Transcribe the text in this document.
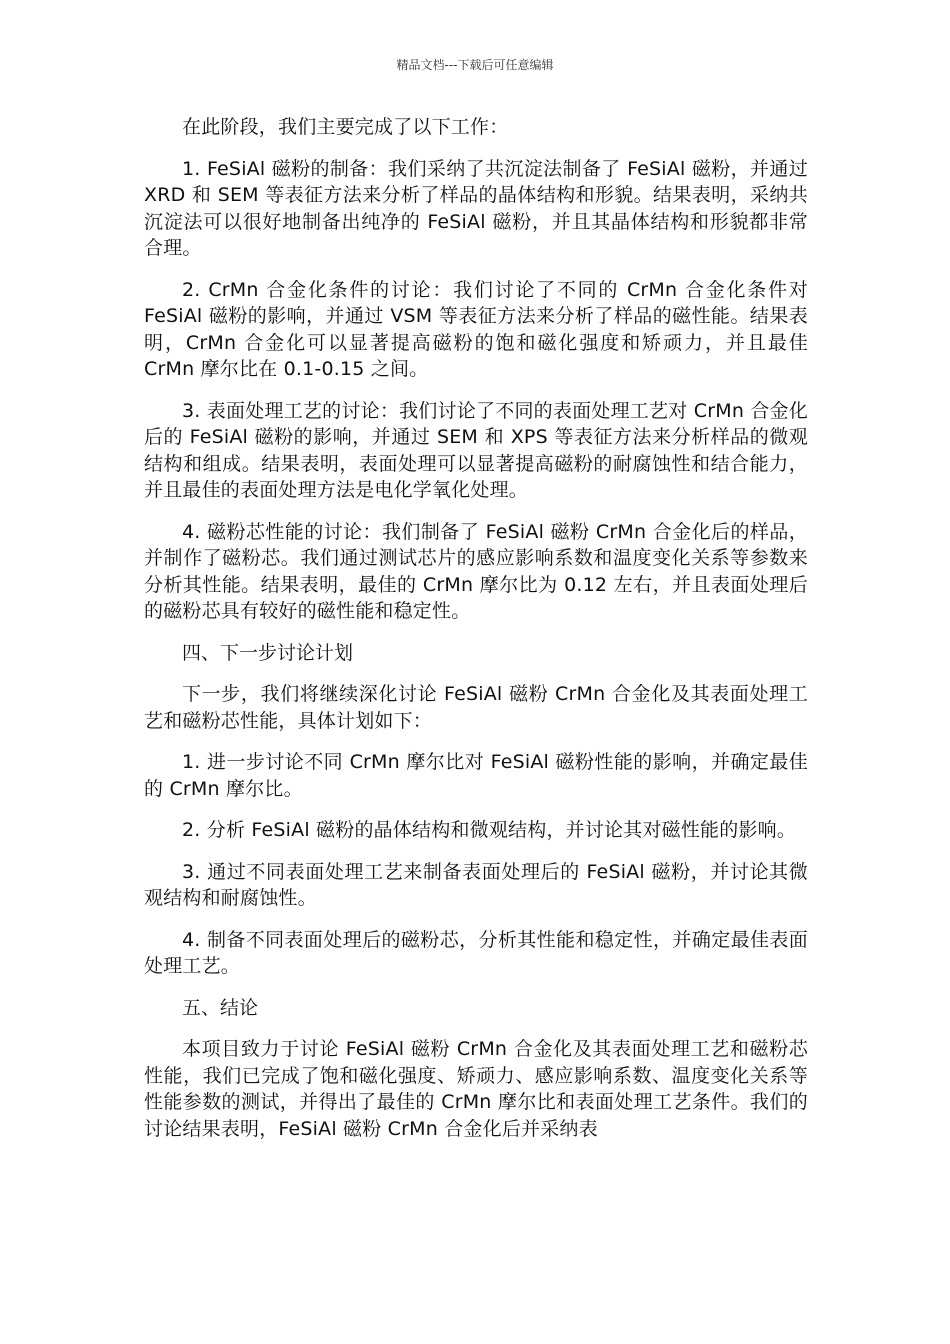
精品文档---下载后可任意编辑

在此阶段，我们主要完成了以下工作：

1. FeSiAl 磁粉的制备：我们采纳了共沉淀法制备了 FeSiAl 磁粉，并通过 XRD 和 SEM 等表征方法来分析了样品的晶体结构和形貌。结果表明，采纳共沉淀法可以很好地制备出纯净的 FeSiAl 磁粉，并且其晶体结构和形貌都非常合理。

2. CrMn 合金化条件的讨论：我们讨论了不同的 CrMn 合金化条件对 FeSiAl 磁粉的影响，并通过 VSM 等表征方法来分析了样品的磁性能。结果表明，CrMn 合金化可以显著提高磁粉的饱和磁化强度和矫顽力，并且最佳 CrMn 摩尔比在 0.1-0.15 之间。

3. 表面处理工艺的讨论：我们讨论了不同的表面处理工艺对 CrMn 合金化后的 FeSiAl 磁粉的影响，并通过 SEM 和 XPS 等表征方法来分析样品的微观结构和组成。结果表明，表面处理可以显著提高磁粉的耐腐蚀性和结合能力，并且最佳的表面处理方法是电化学氧化处理。

4. 磁粉芯性能的讨论：我们制备了 FeSiAl 磁粉 CrMn 合金化后的样品，并制作了磁粉芯。我们通过测试芯片的感应影响系数和温度变化关系等参数来分析其性能。结果表明，最佳的 CrMn 摩尔比为 0.12 左右，并且表面处理后的磁粉芯具有较好的磁性能和稳定性。

四、下一步讨论计划

下一步，我们将继续深化讨论 FeSiAl 磁粉 CrMn 合金化及其表面处理工艺和磁粉芯性能，具体计划如下：

1. 进一步讨论不同 CrMn 摩尔比对 FeSiAl 磁粉性能的影响，并确定最佳的 CrMn 摩尔比。

2. 分析 FeSiAl 磁粉的晶体结构和微观结构，并讨论其对磁性能的影响。

3. 通过不同表面处理工艺来制备表面处理后的 FeSiAl 磁粉，并讨论其微观结构和耐腐蚀性。

4. 制备不同表面处理后的磁粉芯，分析其性能和稳定性，并确定最佳表面处理工艺。

五、结论

本项目致力于讨论 FeSiAl 磁粉 CrMn 合金化及其表面处理工艺和磁粉芯性能，我们已完成了饱和磁化强度、矫顽力、感应影响系数、温度变化关系等性能参数的测试，并得出了最佳的 CrMn 摩尔比和表面处理工艺条件。我们的讨论结果表明，FeSiAl 磁粉 CrMn 合金化后并采纳表
